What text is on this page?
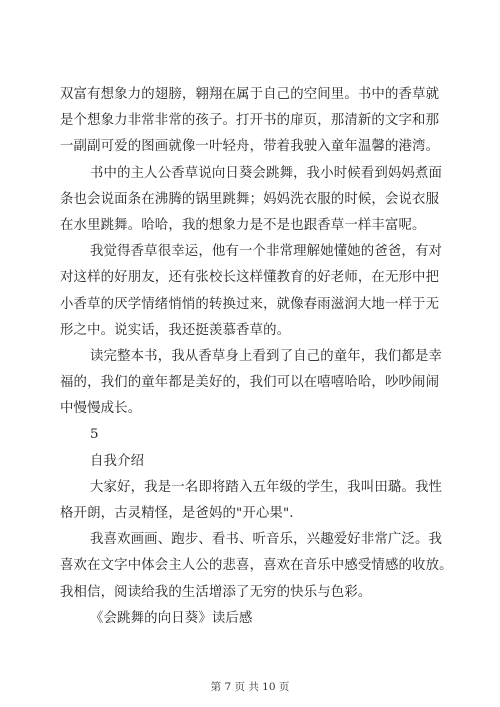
双富有想象力的翅膀，翱翔在属于自己的空间里。书中的香草就
是个想象力非常非常的孩子。打开书的扉页，那清新的文字和那
一副副可爱的图画就像一叶轻舟，带着我驶入童年温馨的港湾。
书中的主人公香草说向日葵会跳舞，我小时候看到妈妈煮面
条也会说面条在沸腾的锅里跳舞；妈妈洗衣服的时候，会说衣服
在水里跳舞。哈哈，我的想象力是不是也跟香草一样丰富呢。
我觉得香草很幸运，他有一个非常理解她懂她的爸爸，有对
对这样的好朋友，还有张校长这样懂教育的好老师，在无形中把
小香草的厌学情绪悄悄的转换过来，就像春雨滋润大地一样于无
形之中。说实话，我还挺羡慕香草的。
读完整本书，我从香草身上看到了自己的童年，我们都是幸
福的，我们的童年都是美好的，我们可以在嘻嘻哈哈，吵吵闹闹
中慢慢成长。
5
自我介绍
大家好，我是一名即将踏入五年级的学生，我叫田璐。我性
格开朗，古灵精怪，是爸妈的"开心果".
我喜欢画画、跑步、看书、听音乐，兴趣爱好非常广泛。我
喜欢在文字中体会主人公的悲喜，喜欢在音乐中感受情感的收放。
我相信，阅读给我的生活增添了无穷的快乐与色彩。
《会跳舞的向日葵》读后感
第 7 页 共 10 页
